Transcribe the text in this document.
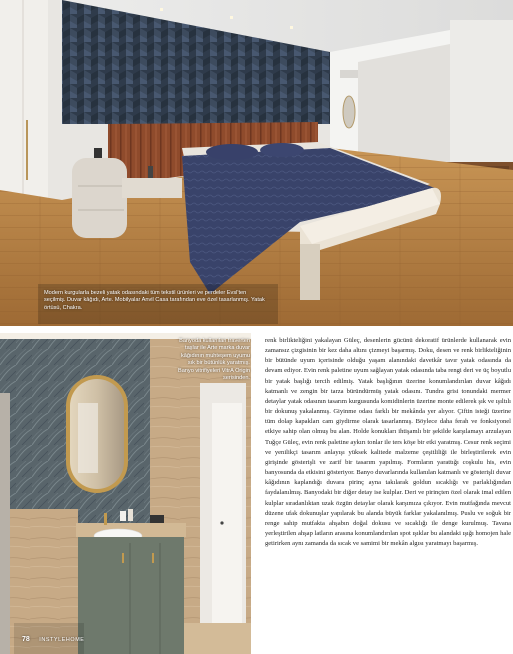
Modern kurgularla bezeli yatak odasındaki tüm tekstil ürünleri ve perdeler Evsl'ten seçilmiş. Duvar kâğıdı, Arte. Mobilyalar Anvil Casa tarafından eve özel tasarlanmış. Yatak örtüsü, Chakra.
Banyoda kullanılan traverten taşlar ile Arte marka duvar kâğıdının muhteşem uyumu sık bir bütünlük yaratmış. Banyo vitrifiyeleri VitrA Origin serisinden.

renk birlikteliğini yakalayan Güleç, desenlerin gücünü dekoratif ürünlerde kullanarak evin zamansız çizgisinin bir kez daha altını çizmeyi başarmış. Doku, desen ve renk birlikteliğinin bir bütünde uyum içerisinde olduğu yaşam alanındaki davetkâr tavır yatak odasında da devam ediyor. Evin renk paletine uyum sağlayan yatak odasında taba rengi deri ve üç boyutlu bir yatak başlığı tercih edilmiş. Yatak başlığının üzerine konumlandırılan duvar kâğıdı katmanlı ve zengin bir tarza büründürmüş yatak odasını. Tundra grisi tonundaki mermer detaylar yatak odasının tasarım kurgusunda komidinlerin üzerine monte edilerek şık ve ışıltılı bir dokunuş yakalanmış. Giyinme odası farklı bir mekânda yer alıyor. Çiftin isteği üzerine tüm dolap kapakları cam giydirme olarak tasarlanmış. Böylece daha ferah ve fonksiyonel etkiye sahip olan olmuş bu alan. Holde konukları ihtişamlı bir şekilde karşılamayı arzulayan Tuğçe Güleç, evin renk paletine aykırı tonlar ile ters köşe bir etki yaratmış. Cesur renk seçimi ve yenilikçi tasarım anlayışı yüksek kalitede malzeme çeşitliliği ile birleştirilerek evin girişinde gösterişli ve zarif bir tasarım yapılmış. Formların yarattığı coşkulu his, evin banyosunda da etkisini gösteriyor. Banyo duvarlarında kullanılan katmanlı ve gösterişli duvar kâğıdının kaplandığı duvara pirinç ayna takılarak goldun sıcaklığı ve parlaklığından faydalanılmış. Banyodaki bir diğer detay ise kulplar. Deri ve pirinçten özel olarak imal edilen kulplar sıradanlıktan uzak özgün detaylar olarak karşımıza çıkıyor. Evin mutfağında mevcut düzene ufak dokunuşlar yapılarak bu alanda büyük farklar yakalanılmış. Puslu ve soğuk bir renge sahip mutfakta ahşabın doğal dokusu ve sıcaklığı ile denge kurulmuş. Tavana yerleştirilen ahşap latların arasına konumlandırılan spot ışıklar bu alandaki ışığı homojen hale getirirken aynı zamanda da sıcak ve samimi bir mekân algısı yaratmayı başarmış.

78 INSTYLEHOME
